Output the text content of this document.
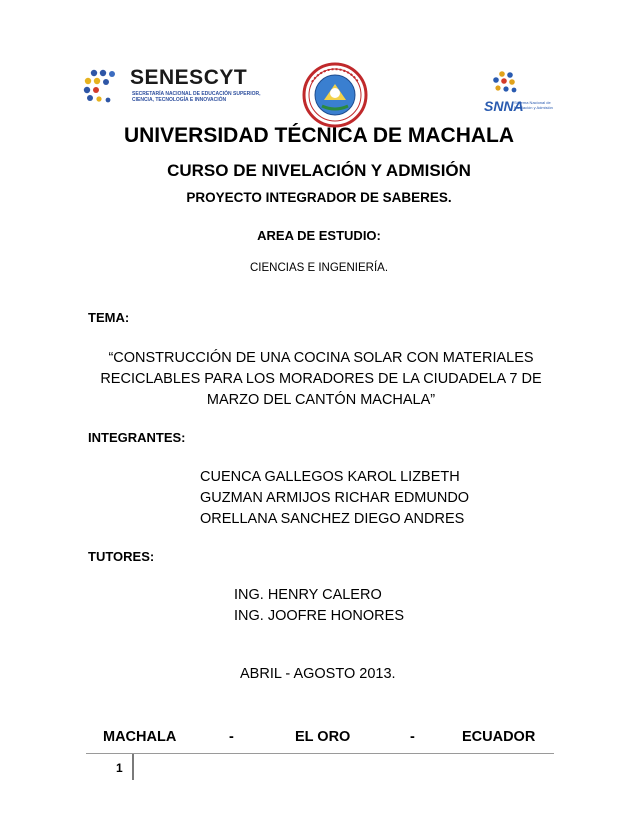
SENESCYT
SECRETARÍA NACIONAL DE EDUCACIÓN SUPERIOR, CIENCIA, TECNOLOGÍA E INNOVACIÓN	SNNA
Sistema Nacional de Nivelación y Admisión
UNIVERSIDAD TÉCNICA DE MACHALA
CURSO DE NIVELACIÓN Y ADMISIÓN
PROYECTO INTEGRADOR DE SABERES.
AREA DE ESTUDIO:
CIENCIAS E INGENIERÍA.
TEMA:
“CONSTRUCCIÓN DE UNA COCINA SOLAR CON MATERIALES
RECICLABLES PARA LOS MORADORES DE LA CIUDADELA 7 DE
MARZO DEL CANTÓN MACHALA”
INTEGRANTES:
CUENCA GALLEGOS KAROL LIZBETH
GUZMAN ARMIJOS RICHAR EDMUNDO
ORELLANA SANCHEZ DIEGO ANDRES
TUTORES:
ING. HENRY CALERO
ING. JOOFRE HONORES
ABRIL - AGOSTO 2013.
MACHALA	-	EL ORO	-	ECUADOR
1
